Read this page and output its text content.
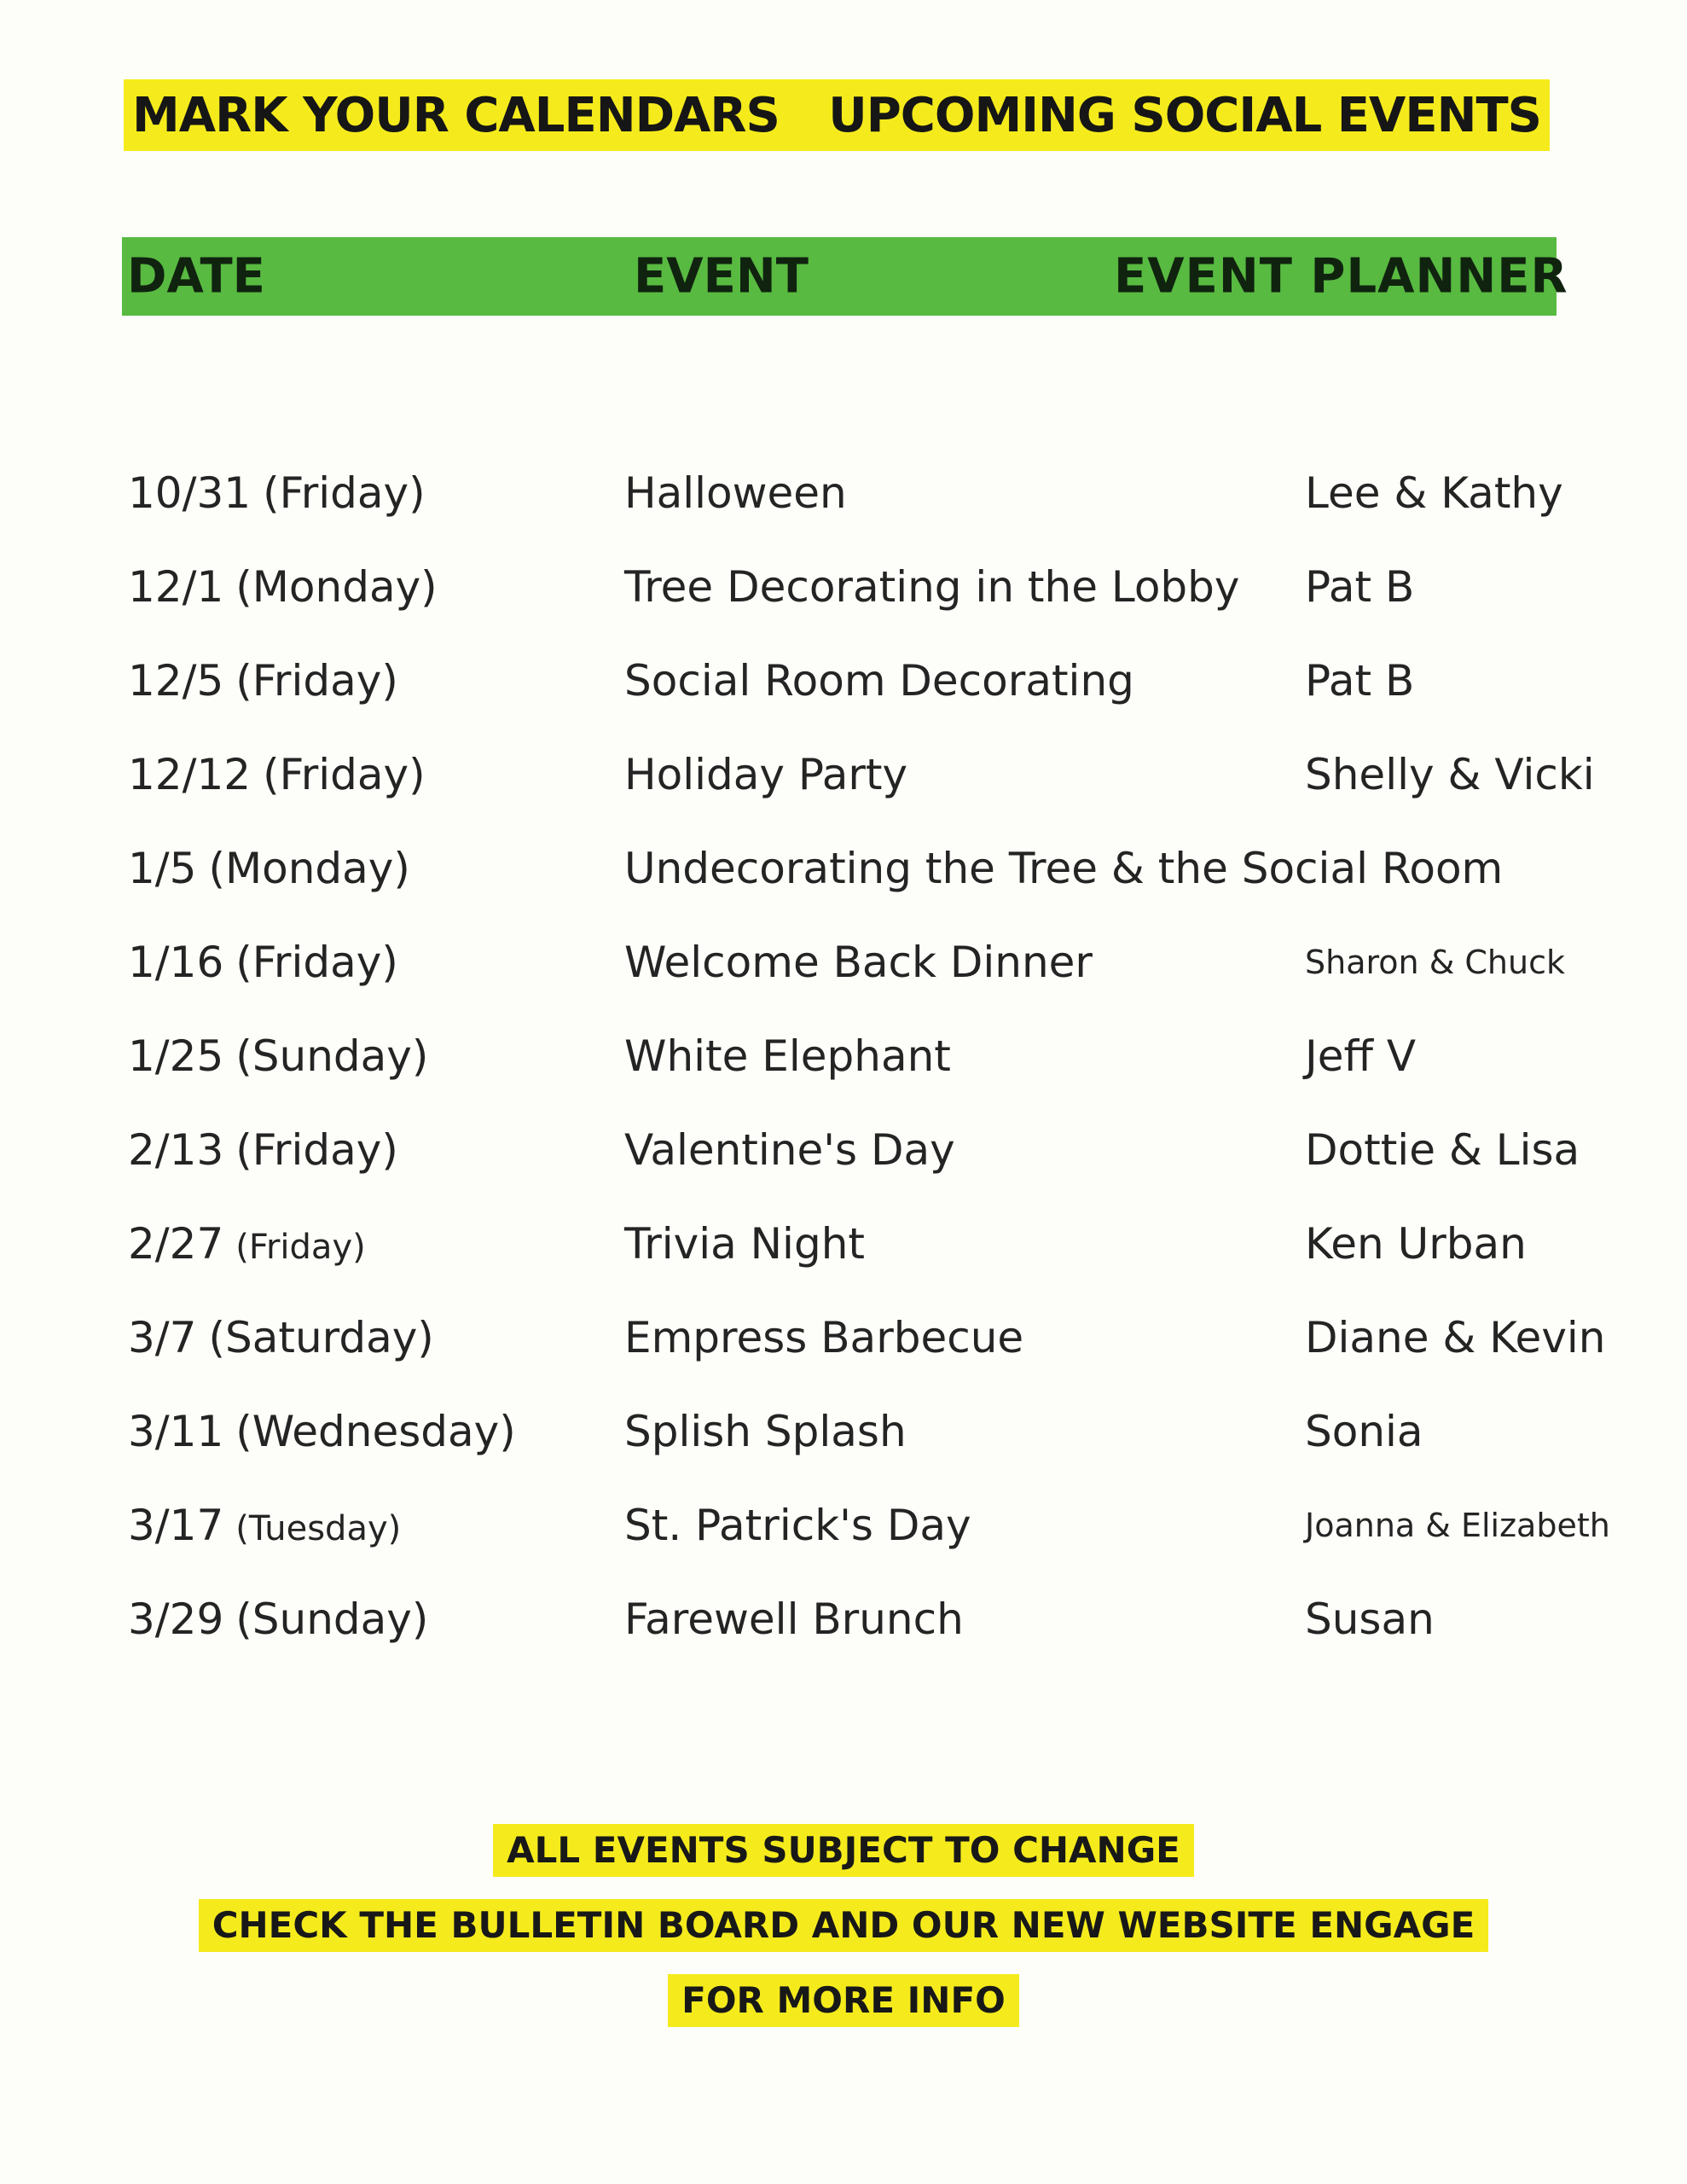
MARK YOUR CALENDARS UPCOMING SOCIAL EVENTS
DATE	EVENT	EVENT PLANNER
10/31 (Friday)	Halloween	Lee & Kathy
12/1 (Monday)	Tree Decorating in the Lobby	Pat B
12/5 (Friday)	Social Room Decorating	Pat B
12/12 (Friday)	Holiday Party	Shelly & Vicki
1/5 (Monday)	Undecorating the Tree & the Social Room
1/16 (Friday)	Welcome Back Dinner	Sharon & Chuck
1/25 (Sunday)	White Elephant	Jeff V
2/13 (Friday)	Valentine's Day	Dottie & Lisa
2/27 (Friday)	Trivia Night	Ken Urban
3/7 (Saturday)	Empress Barbecue	Diane & Kevin
3/11 (Wednesday)	Splish Splash	Sonia
3/17 (Tuesday)	St. Patrick's Day	Joanna & Elizabeth
3/29 (Sunday)	Farewell Brunch	Susan
ALL EVENTS SUBJECT TO CHANGE
CHECK THE BULLETIN BOARD AND OUR NEW WEBSITE ENGAGE
FOR MORE INFO
